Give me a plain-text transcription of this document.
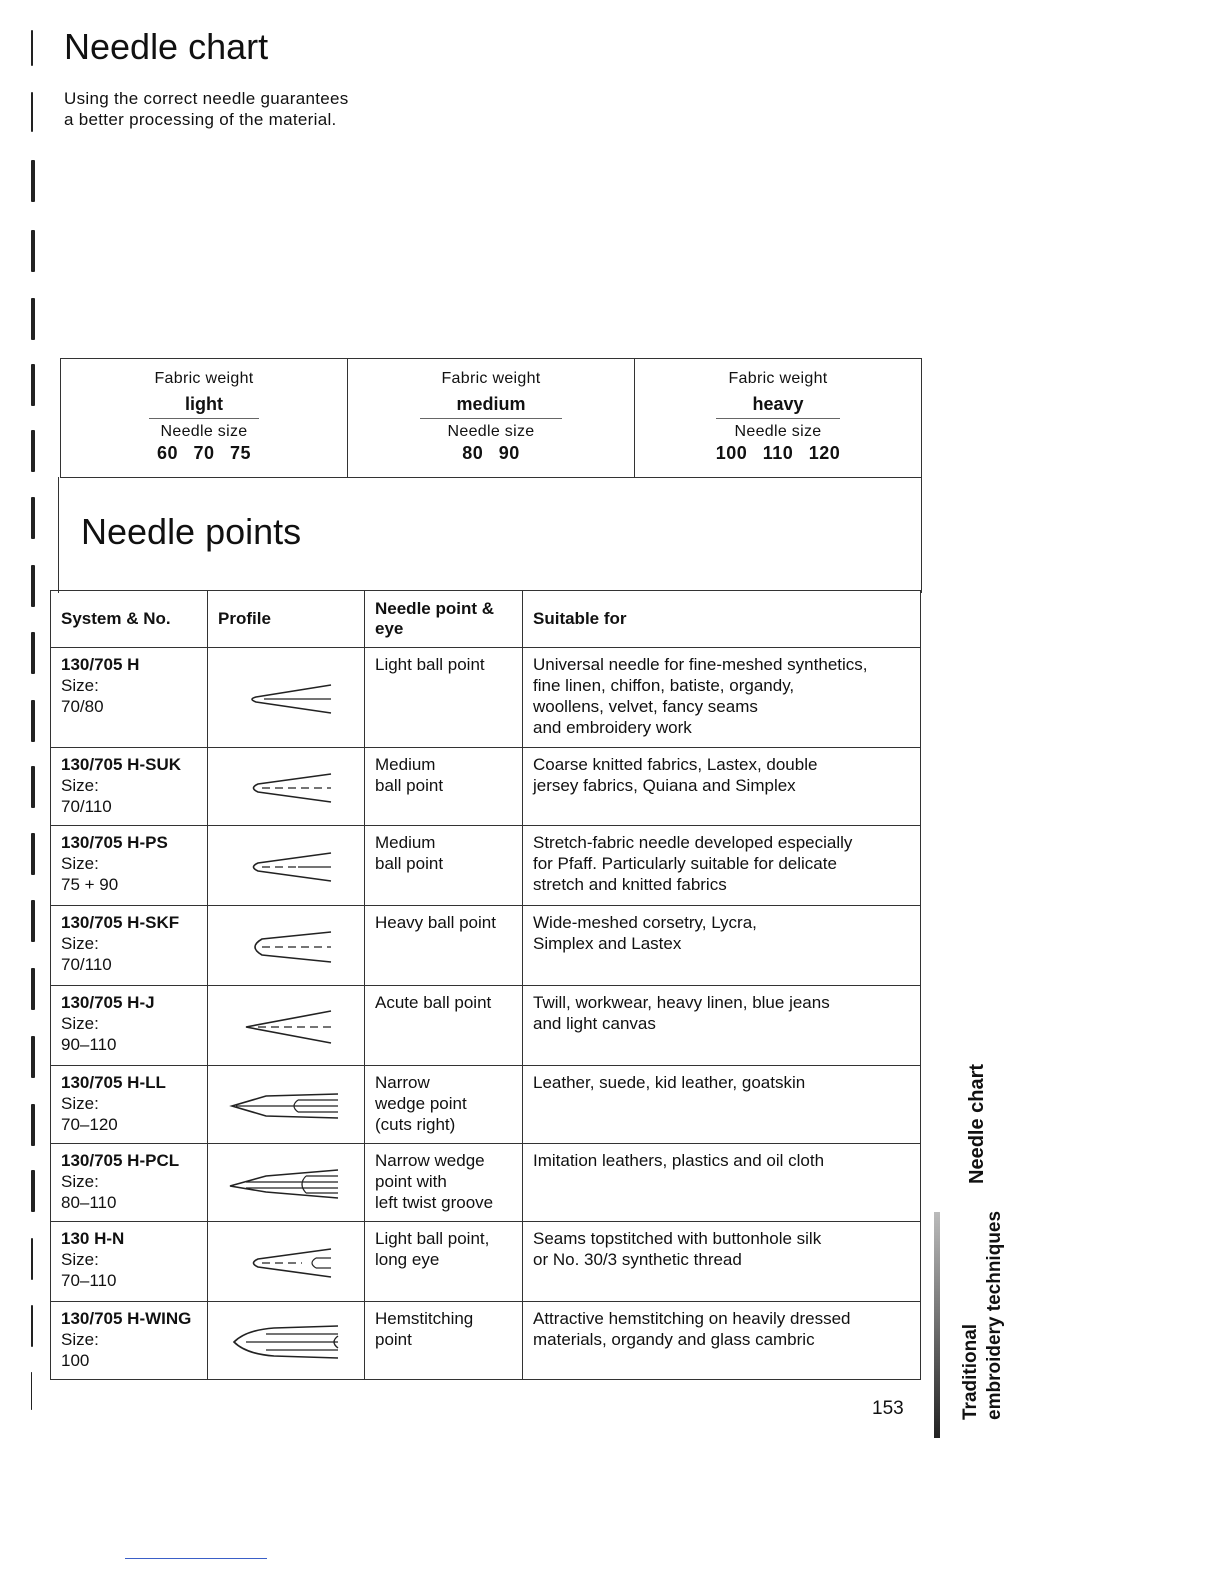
Needle chart
Using the correct needle guarantees
a better processing of the material.
Fabric weight
light
Needle size
60 70 75
Fabric weight
medium
Needle size
80 90
Fabric weight
heavy
Needle size
100 110 120
Needle points
System & No.	Profile	Needle point & eye	Suitable for

130/705 H
Size:
70/80		Light ball point	Universal needle for fine-meshed synthetics,
fine linen, chiffon, batiste, organdy,
woollens, velvet, fancy seams
and embroidery work

130/705 H-SUK
Size:
70/110		Medium
ball point	Coarse knitted fabrics, Lastex, double
jersey fabrics, Quiana and Simplex

130/705 H-PS
Size:
75 + 90		Medium
ball point	Stretch-fabric needle developed especially
for Pfaff. Particularly suitable for delicate
stretch and knitted fabrics

130/705 H-SKF
Size:
70/110		Heavy ball point	Wide-meshed corsetry, Lycra,
Simplex and Lastex

130/705 H-J
Size:
90–110		Acute ball point	Twill, workwear, heavy linen, blue jeans
and light canvas

130/705 H-LL
Size:
70–120		Narrow
wedge point
(cuts right)	Leather, suede, kid leather, goatskin

130/705 H-PCL
Size:
80–110		Narrow wedge
point with
left twist groove	Imitation leathers, plastics and oil cloth

130 H-N
Size:
70–110		Light ball point,
long eye	Seams topstitched with buttonhole silk
or No. 30/3 synthetic thread

130/705 H-WING
Size:
100		Hemstitching
point	Attractive hemstitching on heavily dressed
materials, organdy and glass cambric
153
Needle chart
Traditional embroidery techniques
